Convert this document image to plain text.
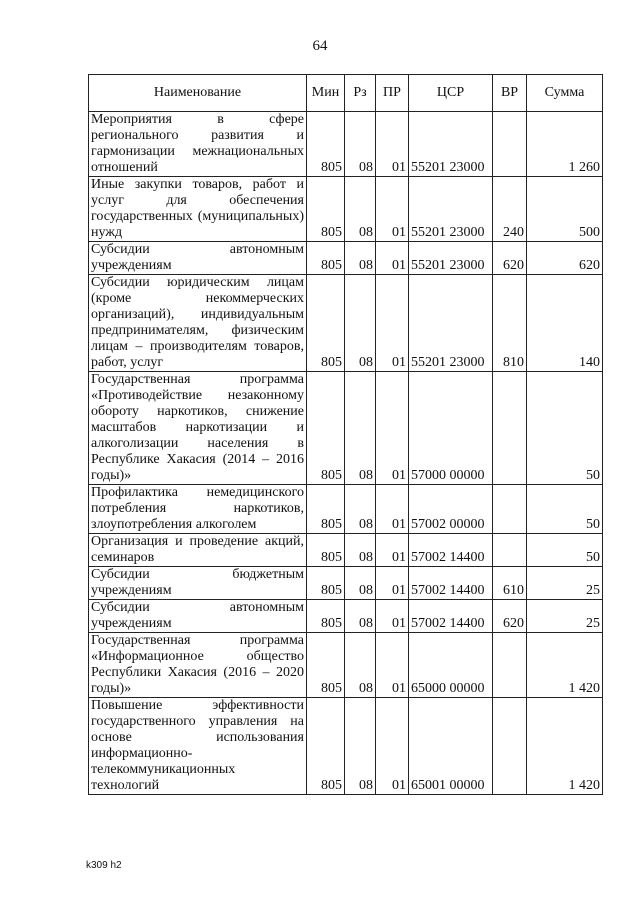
64
Наименование	Мин	Рз	ПР	ЦСР	ВР	Сумма
Мероприятия в сфере регионального развития и гармонизации межнациональных отношений	805	08	01	55201 23000		1 260
Иные закупки товаров, работ и услуг для обеспечения государственных (муниципальных) нужд	805	08	01	55201 23000	240	500
Субсидии автономным учреждениям	805	08	01	55201 23000	620	620
Субсидии юридическим лицам (кроме некоммерческих организаций), индивидуальным предпринимателям, физическим лицам – производителям товаров, работ, услуг	805	08	01	55201 23000	810	140
Государственная программа «Противодействие незаконному обороту наркотиков, снижение масштабов наркотизации и алкоголизации населения в Республике Хакасия (2014 – 2016 годы)»	805	08	01	57000 00000		50
Профилактика немедицинского потребления наркотиков, злоупотребления алкоголем	805	08	01	57002 00000		50
Организация и проведение акций, семинаров	805	08	01	57002 14400		50
Субсидии бюджетным учреждениям	805	08	01	57002 14400	610	25
Субсидии автономным учреждениям	805	08	01	57002 14400	620	25
Государственная программа «Информационное общество Республики Хакасия (2016 – 2020 годы)»	805	08	01	65000 00000		1 420
Повышение эффективности государственного управления на основе использования информационно-телекоммуникационных технологий	805	08	01	65001 00000		1 420
k309 h2
